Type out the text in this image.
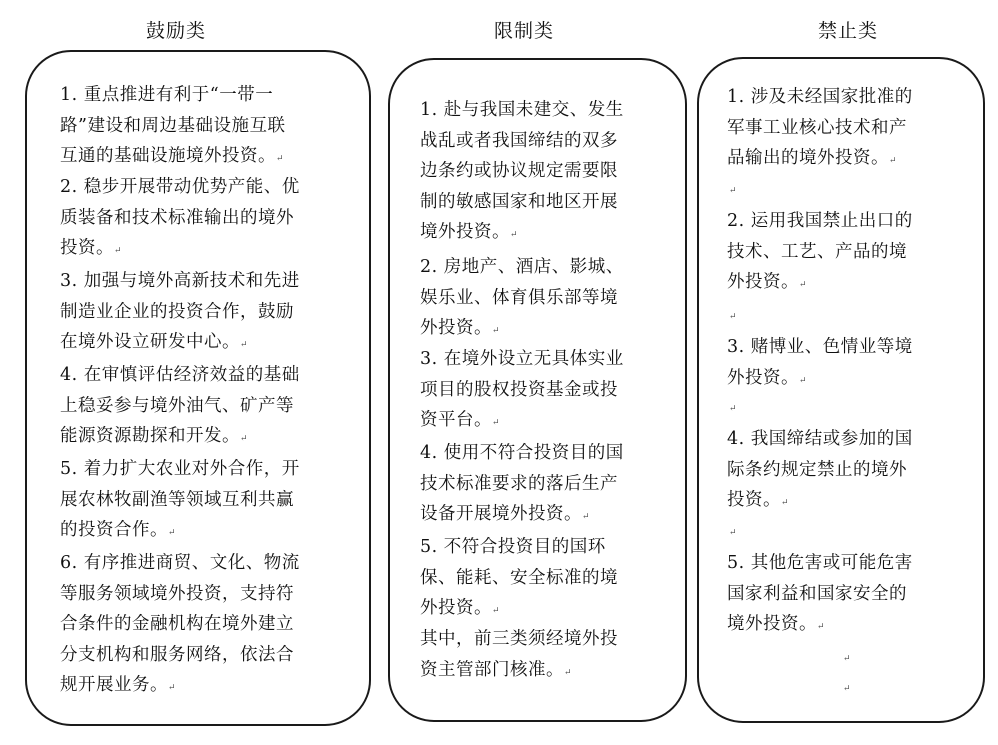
鼓励类	限制类	禁止类

1. 重点推进有利于“一带一
路”建设和周边基础设施互联
互通的基础设施境外投资。↵

2. 稳步开展带动优势产能、优
质装备和技术标准输出的境外
投资。↵

3. 加强与境外高新技术和先进
制造业企业的投资合作，鼓励
在境外设立研发中心。↵

4. 在审慎评估经济效益的基础
上稳妥参与境外油气、矿产等
能源资源勘探和开发。↵

5. 着力扩大农业对外合作，开
展农林牧副渔等领域互利共赢
的投资合作。↵

6. 有序推进商贸、文化、物流
等服务领域境外投资，支持符
合条件的金融机构在境外建立
分支机构和服务网络，依法合
规开展业务。↵

1. 赴与我国未建交、发生
战乱或者我国缔结的双多
边条约或协议规定需要限
制的敏感国家和地区开展
境外投资。↵

2. 房地产、酒店、影城、
娱乐业、体育俱乐部等境
外投资。↵

3. 在境外设立无具体实业
项目的股权投资基金或投
资平台。↵

4. 使用不符合投资目的国
技术标准要求的落后生产
设备开展境外投资。↵

5. 不符合投资目的国环
保、能耗、安全标准的境
外投资。↵

其中，前三类须经境外投
资主管部门核准。↵

1. 涉及未经国家批准的
军事工业核心技术和产
品输出的境外投资。↵

2. 运用我国禁止出口的
技术、工艺、产品的境
外投资。↵

3. 赌博业、色情业等境
外投资。↵

4. 我国缔结或参加的国
际条约规定禁止的境外
投资。↵

5. 其他危害或可能危害
国家利益和国家安全的
境外投资。↵

↵
↵
↵
↵
↵
↵
